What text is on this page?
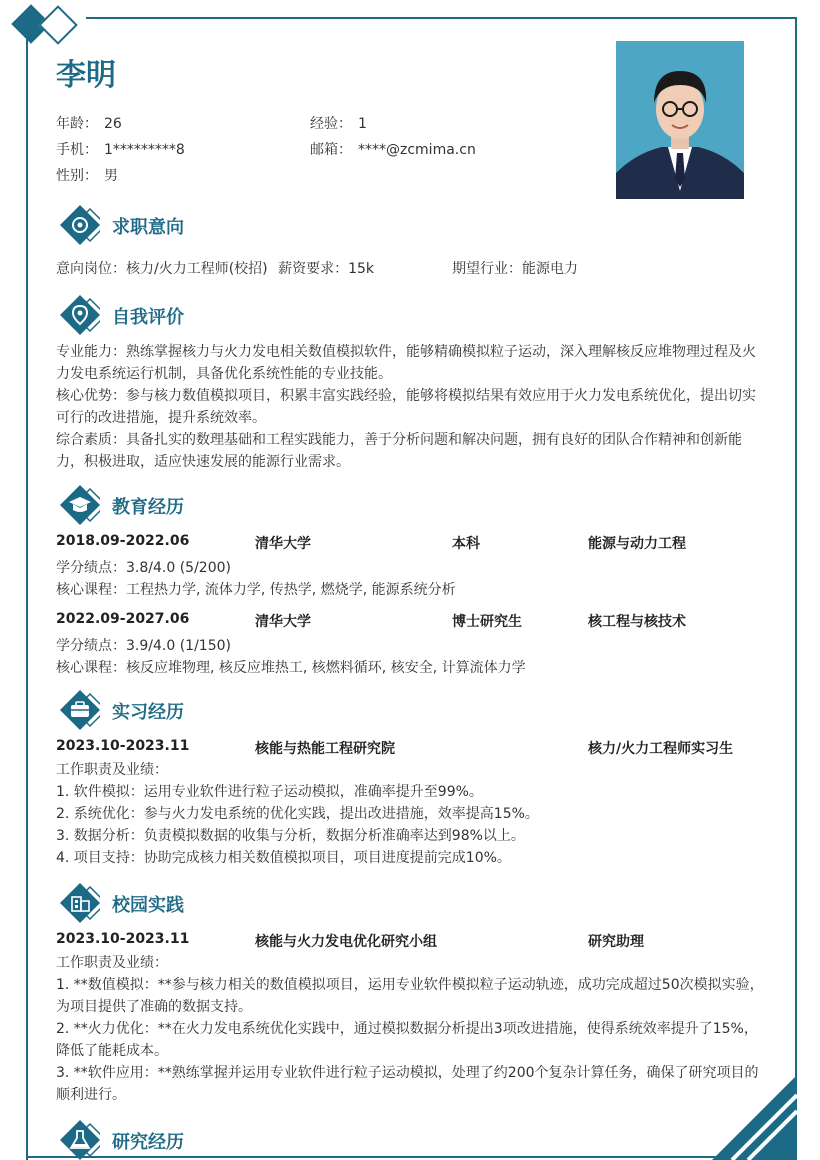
李明
年龄： 26	经验： 1
手机： 1*********8	邮箱： ****@zcmima.cn
性别： 男
求职意向
意向岗位：核力/火力工程师(校招) 薪资要求：15k	期望行业：能源电力
自我评价
专业能力：熟练掌握核力与火力发电相关数值模拟软件，能够精确模拟粒子运动，深入理解核反应堆物理过程及火力发电系统运行机制，具备优化系统性能的专业技能。
核心优势：参与核力数值模拟项目，积累丰富实践经验，能够将模拟结果有效应用于火力发电系统优化，提出切实可行的改进措施，提升系统效率。
综合素质：具备扎实的数理基础和工程实践能力，善于分析问题和解决问题，拥有良好的团队合作精神和创新能力，积极进取，适应快速发展的能源行业需求。
教育经历
2018.09-2022.06	清华大学	本科	能源与动力工程
学分绩点：3.8/4.0 (5/200)
核心课程：工程热力学, 流体力学, 传热学, 燃烧学, 能源系统分析
2022.09-2027.06	清华大学	博士研究生	核工程与核技术
学分绩点：3.9/4.0 (1/150)
核心课程：核反应堆物理, 核反应堆热工, 核燃料循环, 核安全, 计算流体力学
实习经历
2023.10-2023.11	核能与热能工程研究院	核力/火力工程师实习生
工作职责及业绩：
1. 软件模拟：运用专业软件进行粒子运动模拟，准确率提升至99%。
2. 系统优化：参与火力发电系统的优化实践，提出改进措施，效率提高15%。
3. 数据分析：负责模拟数据的收集与分析，数据分析准确率达到98%以上。
4. 项目支持：协助完成核力相关数值模拟项目，项目进度提前完成10%。
校园实践
2023.10-2023.11	核能与火力发电优化研究小组	研究助理
工作职责及业绩：
1. **数值模拟：**参与核力相关的数值模拟项目，运用专业软件模拟粒子运动轨迹，成功完成超过50次模拟实验，为项目提供了准确的数据支持。
2. **火力优化：**在火力发电系统优化实践中，通过模拟数据分析提出3项改进措施，使得系统效率提升了15%，降低了能耗成本。
3. **软件应用：**熟练掌握并运用专业软件进行粒子运动模拟，处理了约200个复杂计算任务，确保了研究项目的顺利进行。
研究经历
